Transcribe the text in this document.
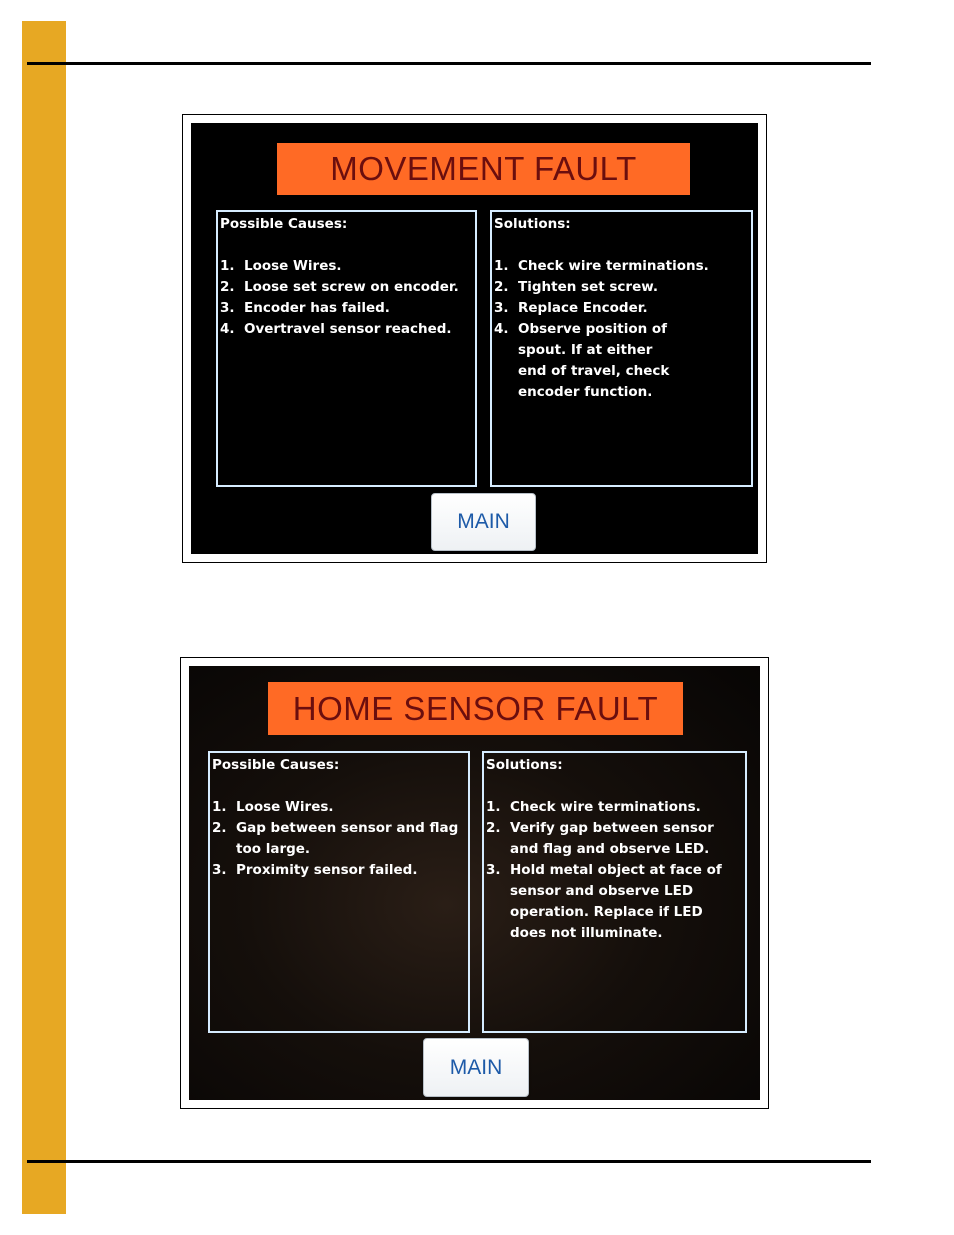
MOVEMENT FAULT
Possible Causes:
1. Loose Wires.
2. Loose set screw on encoder.
3. Encoder has failed.
4. Overtravel sensor reached.
Solutions:
1. Check wire terminations.
2. Tighten set screw.
3. Replace Encoder.
4. Observe position of
spout. If at either
end of travel, check
encoder function.
MAIN
HOME SENSOR FAULT
Possible Causes:
1. Loose Wires.
2. Gap between sensor and flag
too large.
3. Proximity sensor failed.
Solutions:
1. Check wire terminations.
2. Verify gap between sensor
and flag and observe LED.
3. Hold metal object at face of
sensor and observe LED
operation. Replace if LED
does not illuminate.
MAIN
